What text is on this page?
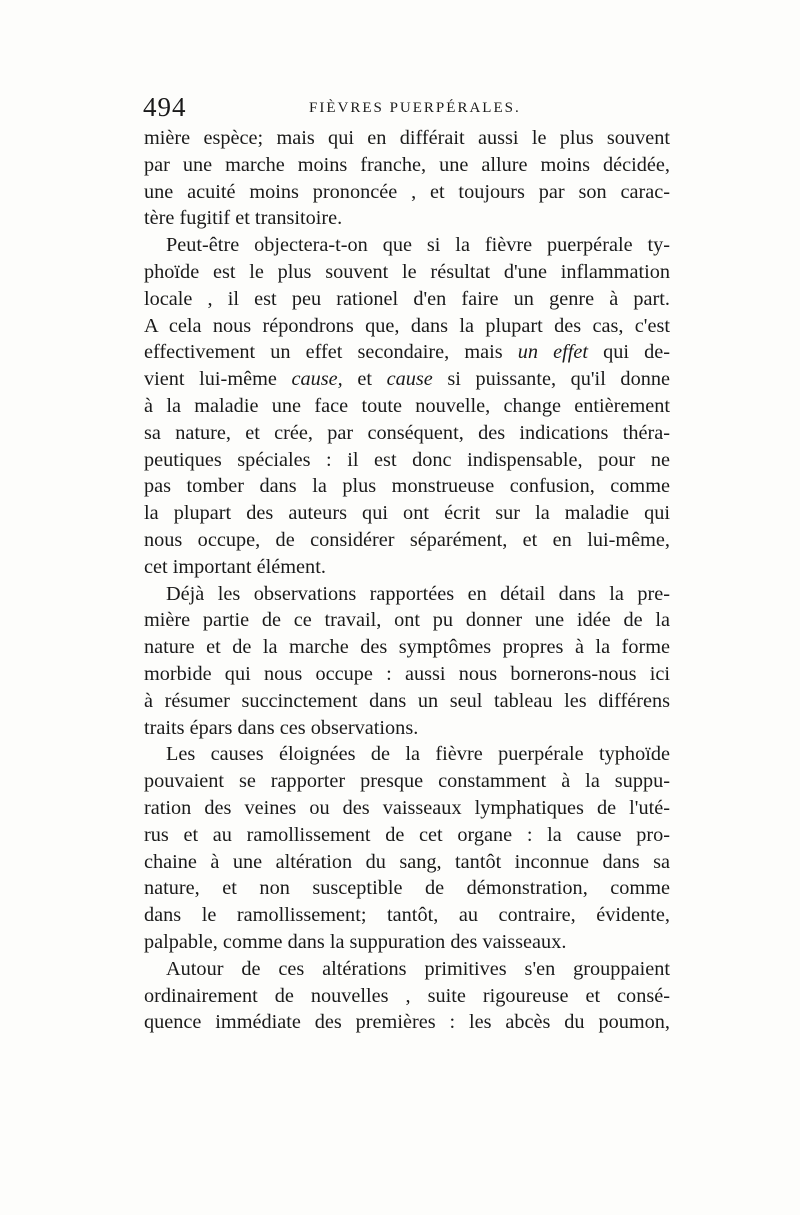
494	FIÈVRES PUERPÉRALES.
mière espèce; mais qui en différait aussi le plus souvent
par une marche moins franche, une allure moins décidée,
une acuité moins prononcée , et toujours par son carac-
tère fugitif et transitoire.
Peut-être objectera-t-on que si la fièvre puerpérale ty-
phoïde est le plus souvent le résultat d'une inflammation
locale , il est peu rationel d'en faire un genre à part.
A cela nous répondrons que, dans la plupart des cas, c'est
effectivement un effet secondaire, mais un effet qui de-
vient lui-même cause, et cause si puissante, qu'il donne
à la maladie une face toute nouvelle, change entièrement
sa nature, et crée, par conséquent, des indications théra-
peutiques spéciales : il est donc indispensable, pour ne
pas tomber dans la plus monstrueuse confusion, comme
la plupart des auteurs qui ont écrit sur la maladie qui
nous occupe, de considérer séparément, et en lui-même,
cet important élément.
Déjà les observations rapportées en détail dans la pre-
mière partie de ce travail, ont pu donner une idée de la
nature et de la marche des symptômes propres à la forme
morbide qui nous occupe : aussi nous bornerons-nous ici
à résumer succinctement dans un seul tableau les différens
traits épars dans ces observations.
Les causes éloignées de la fièvre puerpérale typhoïde
pouvaient se rapporter presque constamment à la suppu-
ration des veines ou des vaisseaux lymphatiques de l'uté-
rus et au ramollissement de cet organe : la cause pro-
chaine à une altération du sang, tantôt inconnue dans sa
nature, et non susceptible de démonstration, comme
dans le ramollissement; tantôt, au contraire, évidente,
palpable, comme dans la suppuration des vaisseaux.
Autour de ces altérations primitives s'en grouppaient
ordinairement de nouvelles , suite rigoureuse et consé-
quence immédiate des premières : les abcès du poumon,
